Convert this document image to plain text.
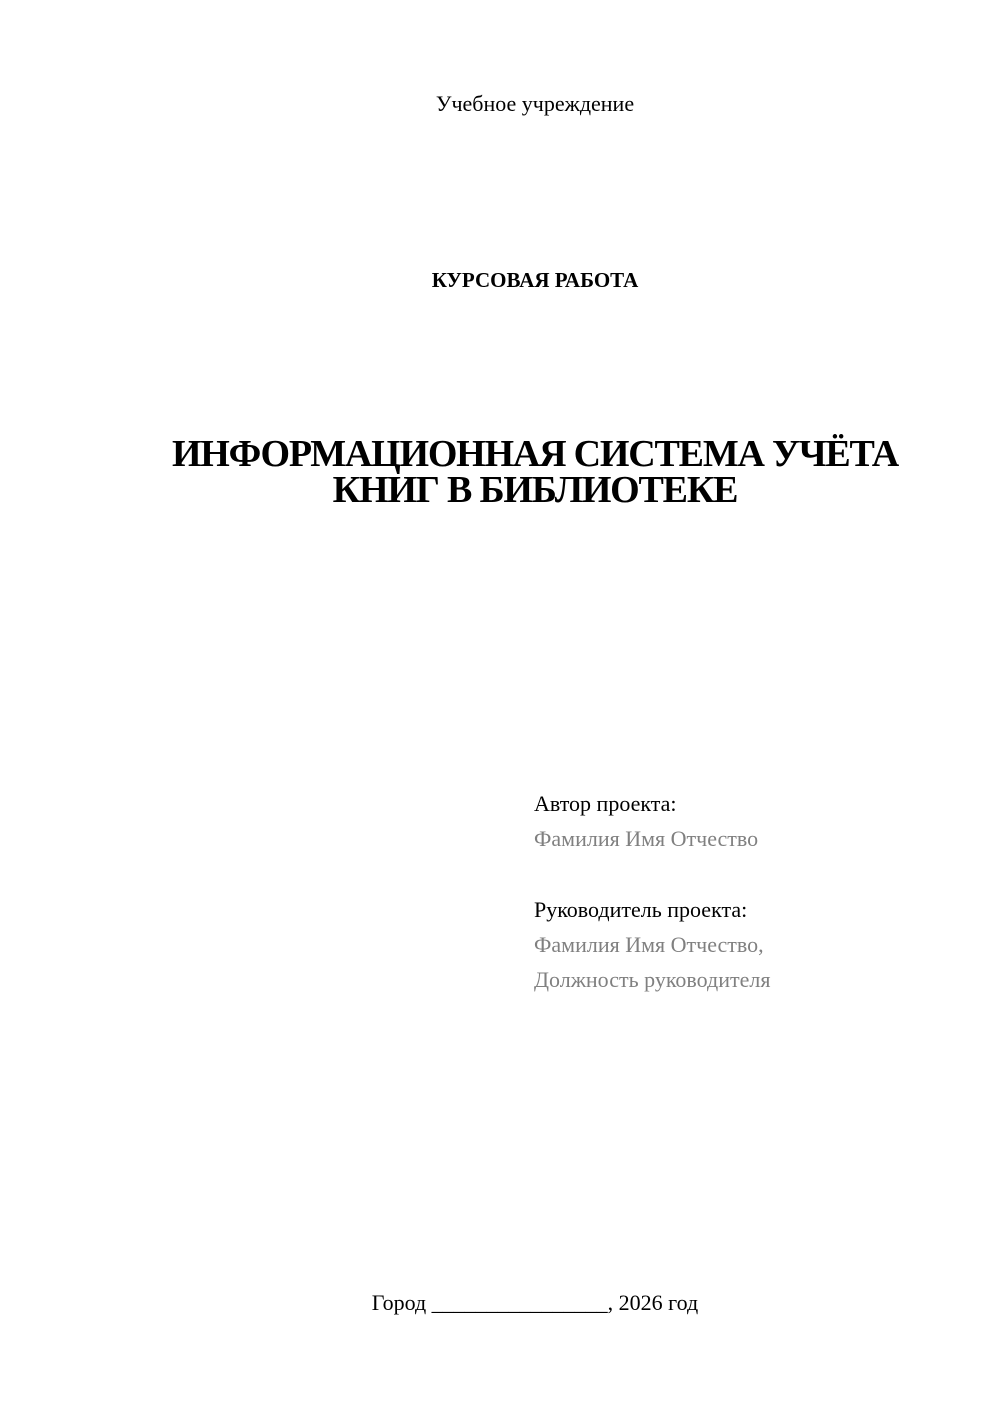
Учебное учреждение
КУРСОВАЯ РАБОТА
ИНФОРМАЦИОННАЯ СИСТЕМА УЧЁТА
КНИГ В БИБЛИОТЕКЕ
Автор проекта:
Фамилия Имя Отчество
Руководитель проекта:
Фамилия Имя Отчество,
Должность руководителя
Город ________________, 2026 год
